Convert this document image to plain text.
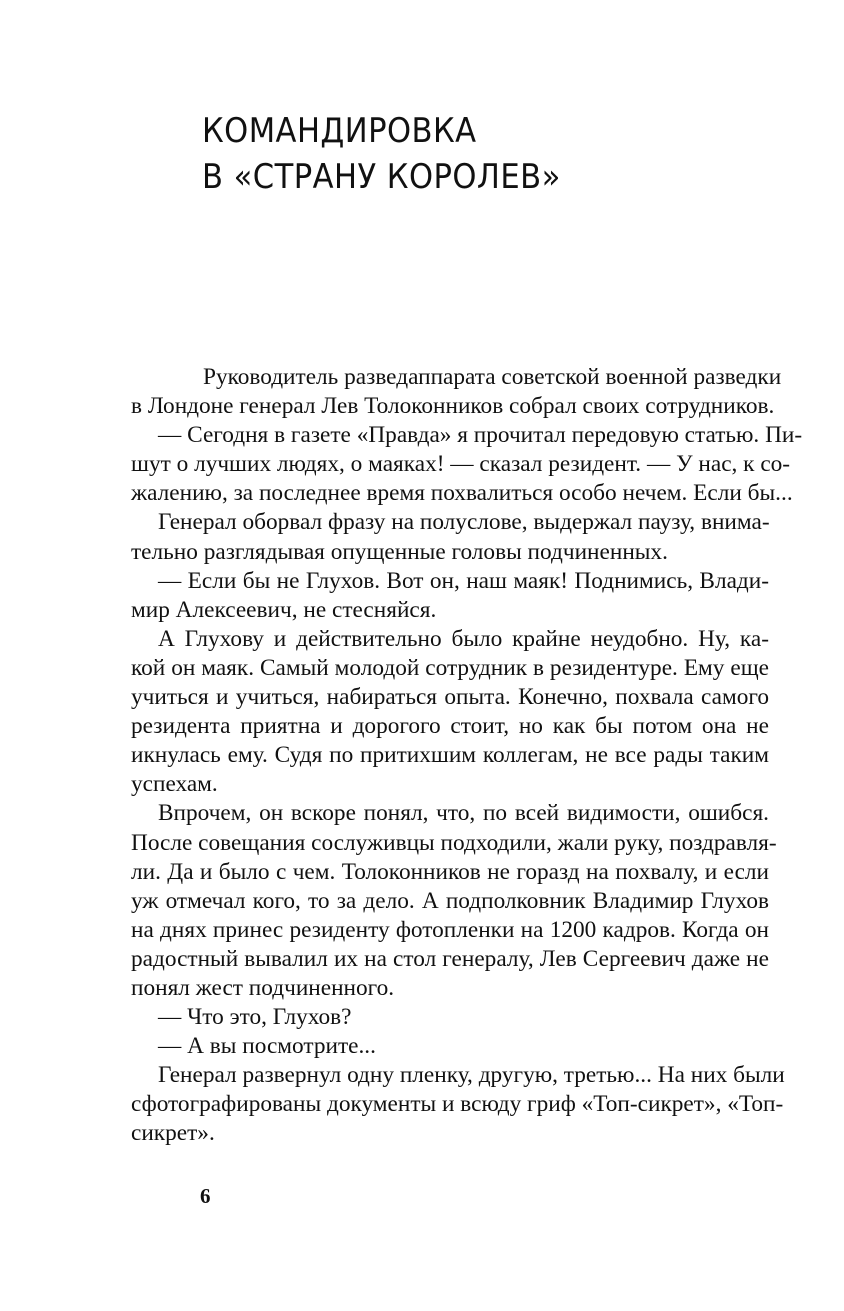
КОМАНДИРОВКА
В «СТРАНУ КОРОЛЕВ»

Руководитель разведаппарата советской военной разведки
в Лондоне генерал Лев Толоконников собрал своих сотрудников.

— Сегодня в газете «Правда» я прочитал передовую статью. Пи-
шут о лучших людях, о маяках! — сказал резидент. — У нас, к со-
жалению, за последнее время похвалиться особо нечем. Если бы...

Генерал оборвал фразу на полуслове, выдержал паузу, внима-
тельно разглядывая опущенные головы подчиненных.

— Если бы не Глухов. Вот он, наш маяк! Поднимись, Влади-
мир Алексеевич, не стесняйся.

А Глухову и действительно было крайне неудобно. Ну, ка-
кой он маяк. Самый молодой сотрудник в резидентуре. Ему еще
учиться и учиться, набираться опыта. Конечно, похвала самого
резидента приятна и дорогого стоит, но как бы потом она не
икнулась ему. Судя по притихшим коллегам, не все рады таким
успехам.

Впрочем, он вскоре понял, что, по всей видимости, ошибся.
После совещания сослуживцы подходили, жали руку, поздравля-
ли. Да и было с чем. Толоконников не горазд на похвалу, и если
уж отмечал кого, то за дело. А подполковник Владимир Глухов
на днях принес резиденту фотопленки на 1200 кадров. Когда он
радостный вывалил их на стол генералу, Лев Сергеевич даже не
понял жест подчиненного.

— Что это, Глухов?

— А вы посмотрите...

Генерал развернул одну пленку, другую, третью... На них были
сфотографированы документы и всюду гриф «Топ-сикрет», «Топ-
сикрет».

6
